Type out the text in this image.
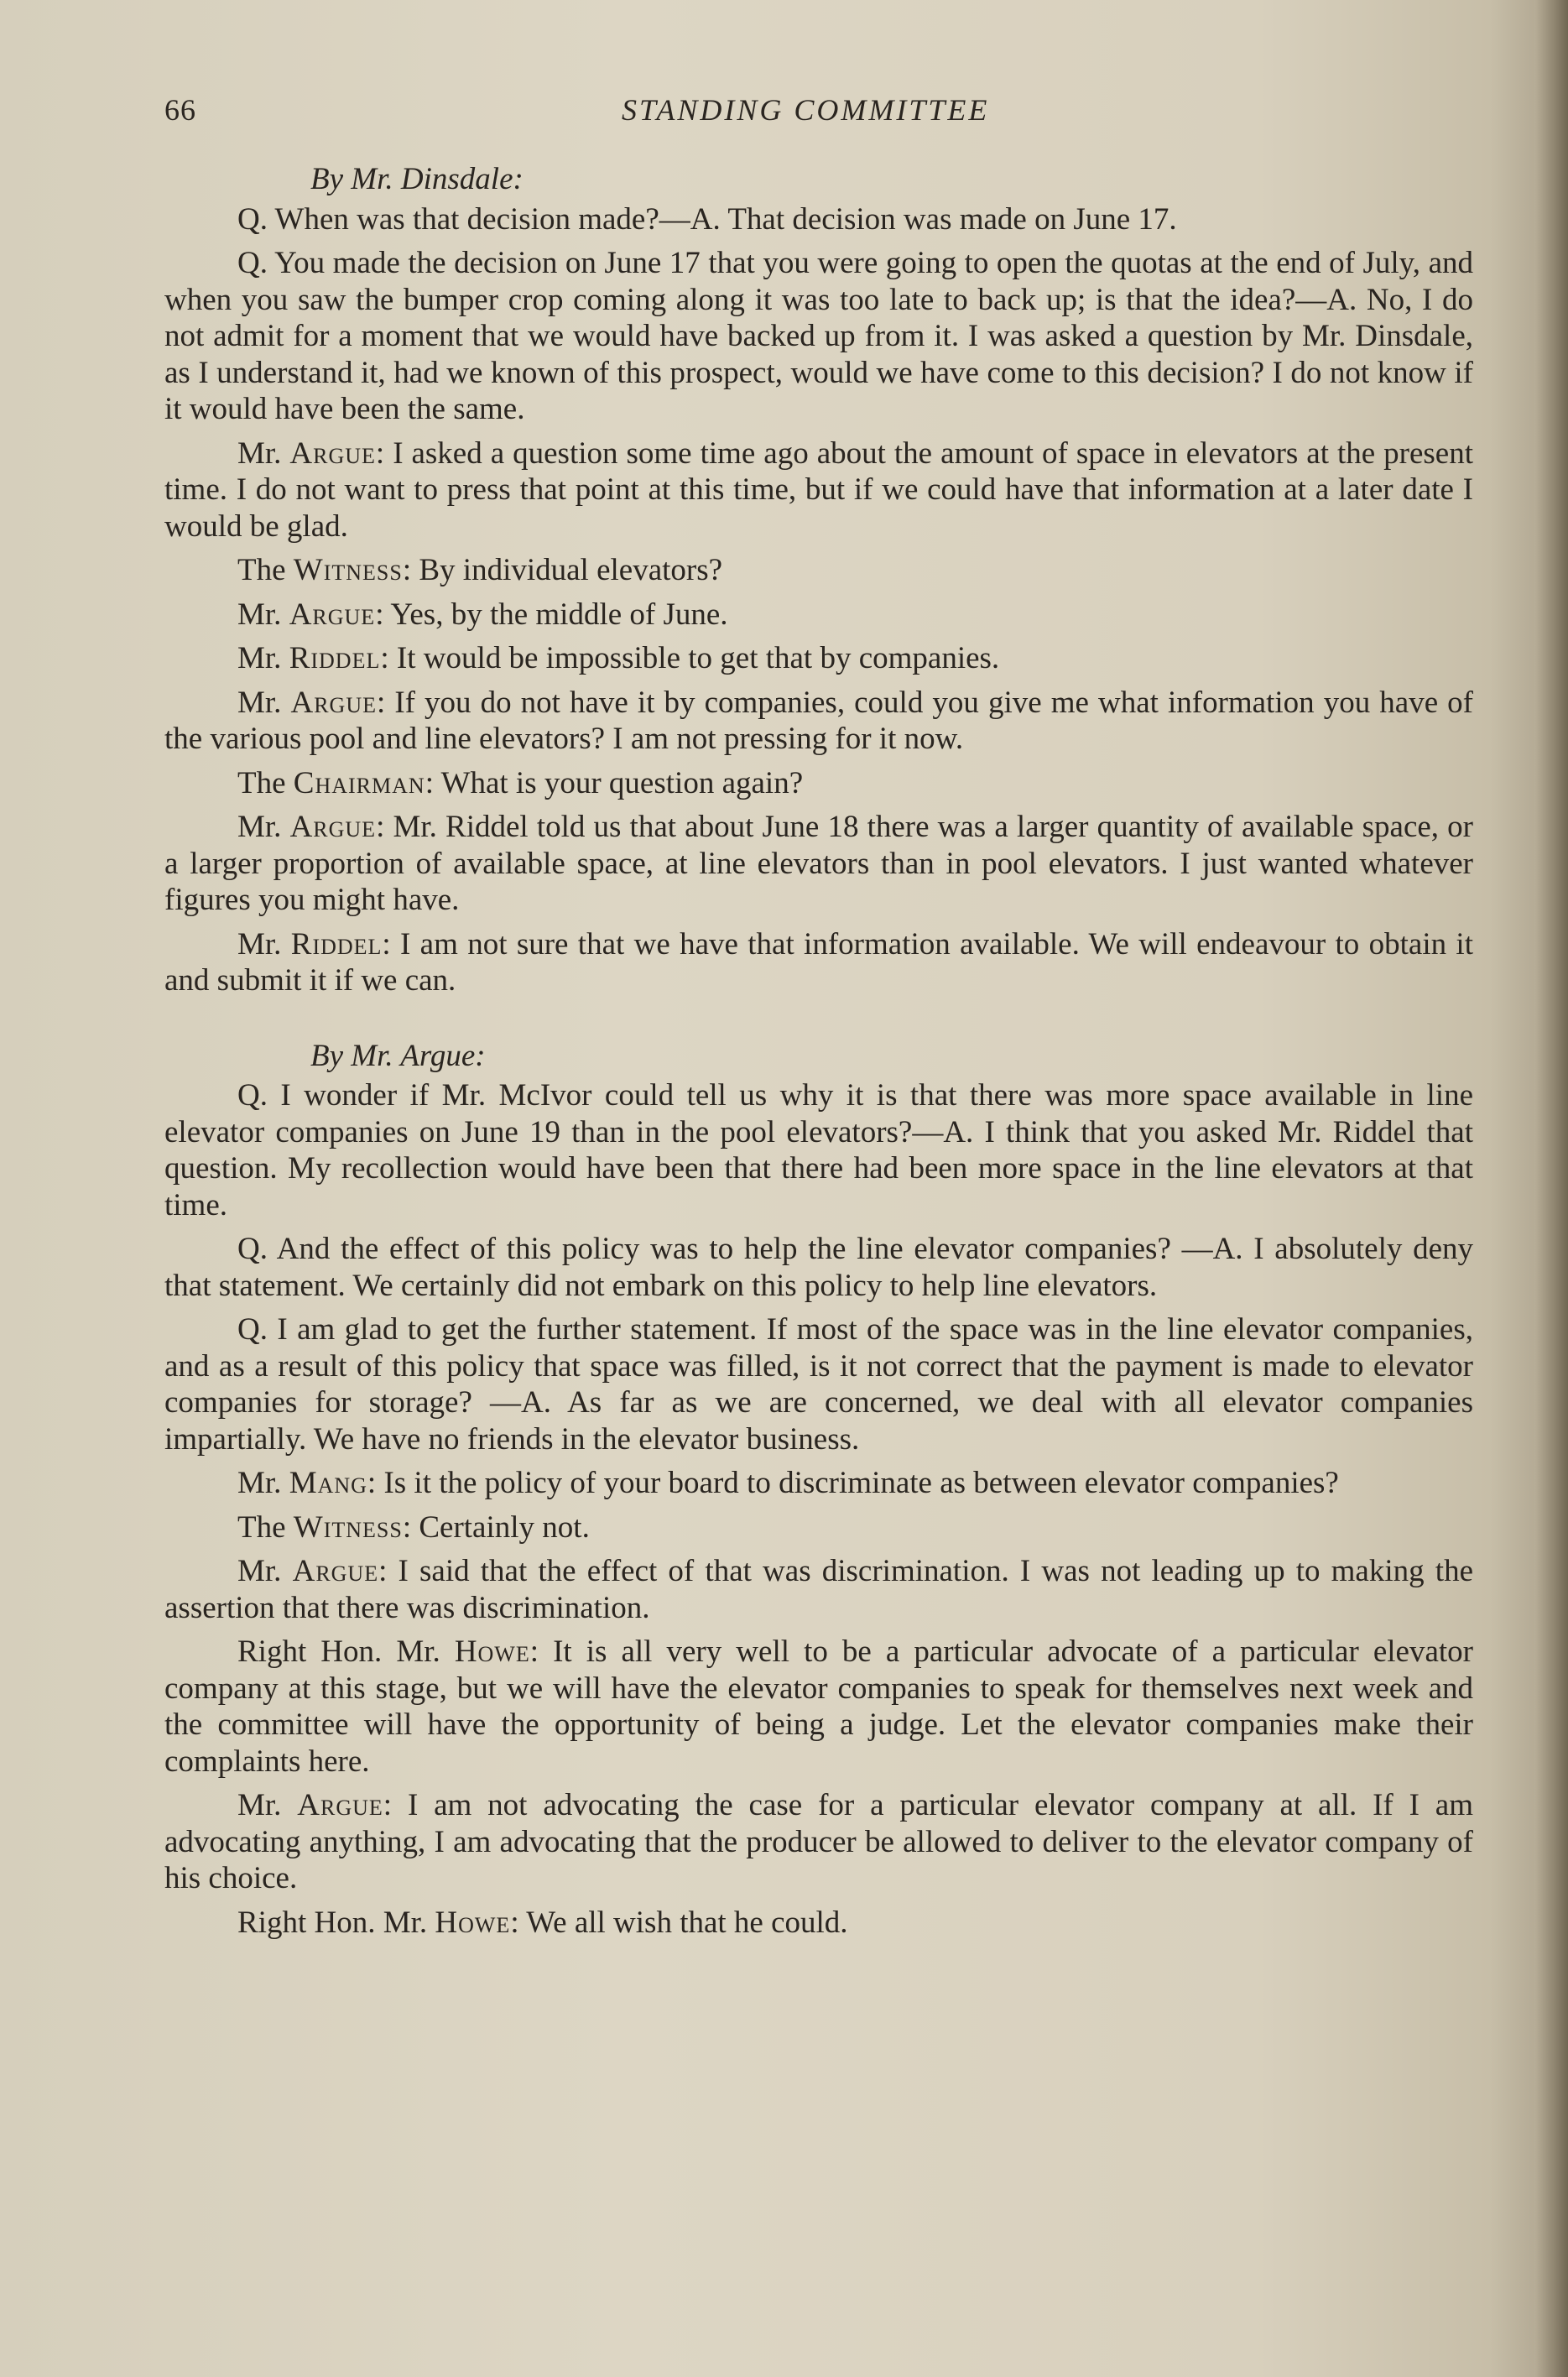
66	STANDING COMMITTEE

By Mr. Dinsdale:

Q. When was that decision made?—A. That decision was made on June 17.

Q. You made the decision on June 17 that you were going to open the quotas at the end of July, and when you saw the bumper crop coming along it was too late to back up; is that the idea?—A. No, I do not admit for a moment that we would have backed up from it. I was asked a question by Mr. Dinsdale, as I understand it, had we known of this prospect, would we have come to this decision? I do not know if it would have been the same.

Mr. Argue: I asked a question some time ago about the amount of space in elevators at the present time. I do not want to press that point at this time, but if we could have that information at a later date I would be glad.

The Witness: By individual elevators?

Mr. Argue: Yes, by the middle of June.

Mr. Riddel: It would be impossible to get that by companies.

Mr. Argue: If you do not have it by companies, could you give me what information you have of the various pool and line elevators? I am not pressing for it now.

The Chairman: What is your question again?

Mr. Argue: Mr. Riddel told us that about June 18 there was a larger quantity of available space, or a larger proportion of available space, at line elevators than in pool elevators. I just wanted whatever figures you might have.

Mr. Riddel: I am not sure that we have that information available. We will endeavour to obtain it and submit it if we can.

By Mr. Argue:

Q. I wonder if Mr. McIvor could tell us why it is that there was more space available in line elevator companies on June 19 than in the pool elevators?—A. I think that you asked Mr. Riddel that question. My recollection would have been that there had been more space in the line elevators at that time.

Q. And the effect of this policy was to help the line elevator companies? —A. I absolutely deny that statement. We certainly did not embark on this policy to help line elevators.

Q. I am glad to get the further statement. If most of the space was in the line elevator companies, and as a result of this policy that space was filled, is it not correct that the payment is made to elevator companies for storage? —A. As far as we are concerned, we deal with all elevator companies impartially. We have no friends in the elevator business.

Mr. Mang: Is it the policy of your board to discriminate as between elevator companies?

The Witness: Certainly not.

Mr. Argue: I said that the effect of that was discrimination. I was not leading up to making the assertion that there was discrimination.

Right Hon. Mr. Howe: It is all very well to be a particular advocate of a particular elevator company at this stage, but we will have the elevator companies to speak for themselves next week and the committee will have the opportunity of being a judge. Let the elevator companies make their complaints here.

Mr. Argue: I am not advocating the case for a particular elevator company at all. If I am advocating anything, I am advocating that the producer be allowed to deliver to the elevator company of his choice.

Right Hon. Mr. Howe: We all wish that he could.
